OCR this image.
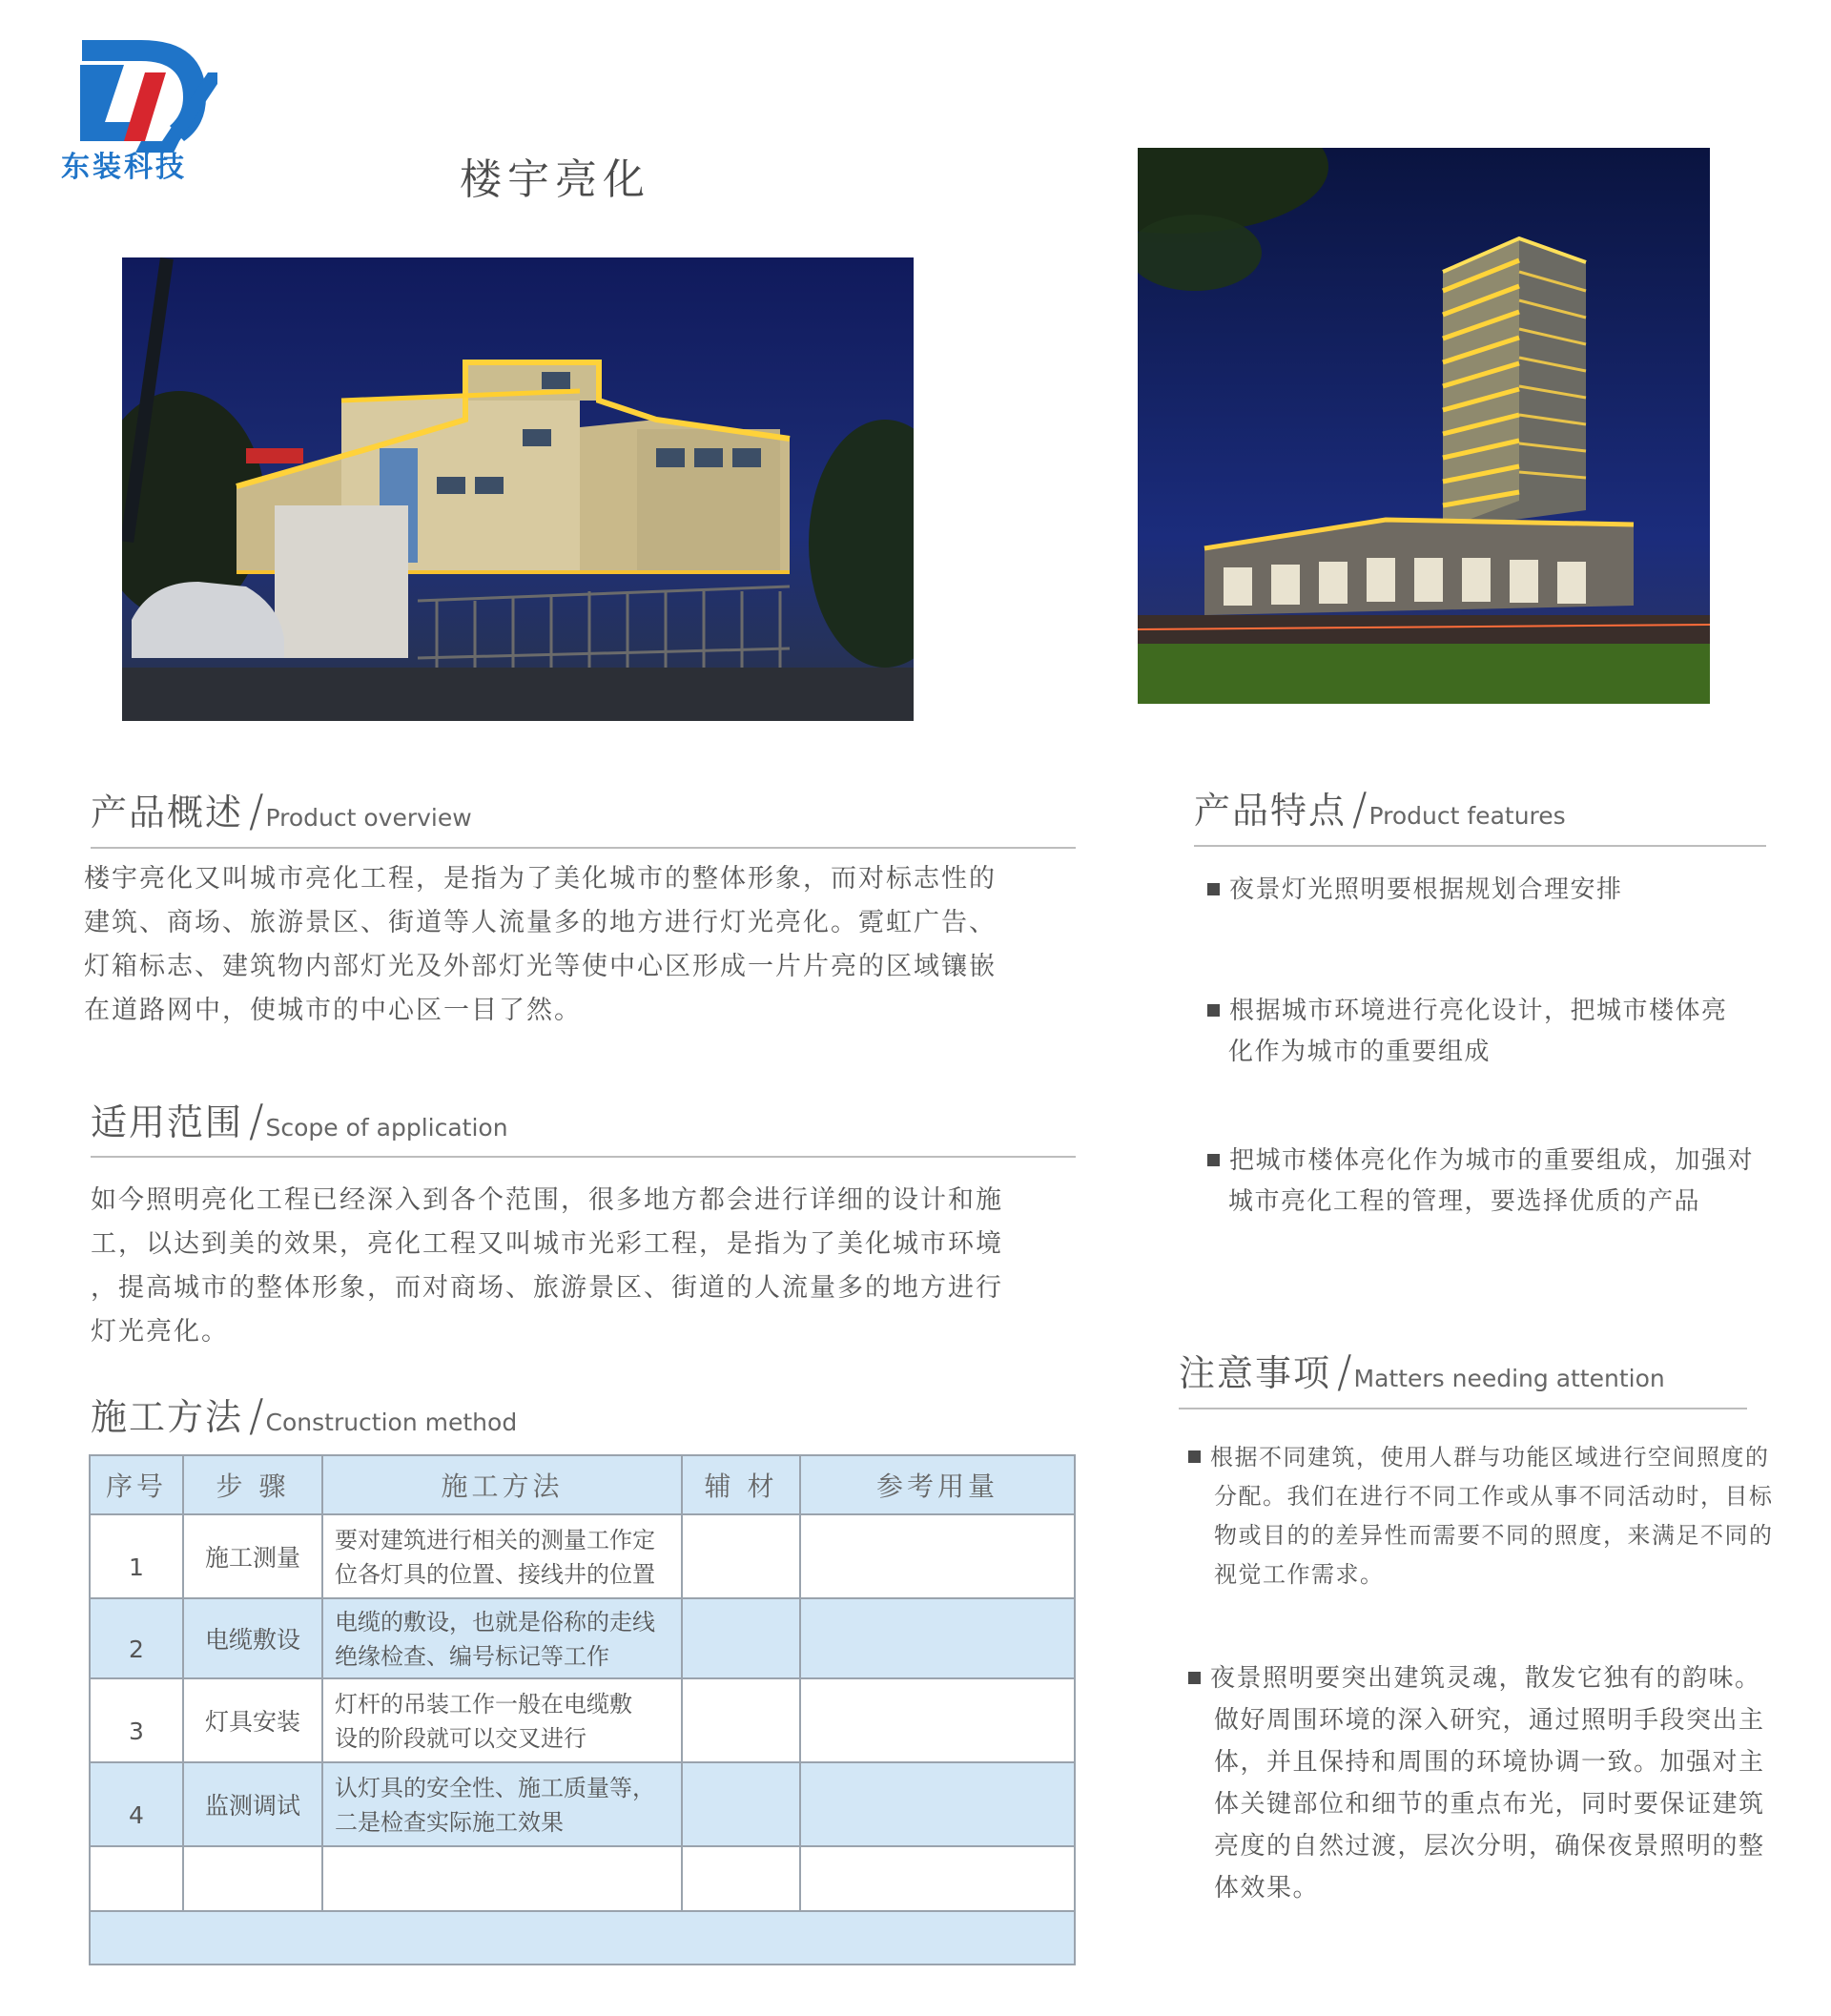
东装科技	楼宇亮化
产品概述 / Product overview
楼宇亮化又叫城市亮化工程，是指为了美化城市的整体形象，而对标志性的
建筑、商场、旅游景区、街道等人流量多的地方进行灯光亮化。霓虹广告、
灯箱标志、建筑物内部灯光及外部灯光等使中心区形成一片片亮的区域镶嵌
在道路网中，使城市的中心区一目了然。
适用范围 / Scope of application
如今照明亮化工程已经深入到各个范围，很多地方都会进行详细的设计和施
工，以达到美的效果，亮化工程又叫城市光彩工程，是指为了美化城市环境
，提高城市的整体形象，而对商场、旅游景区、街道的人流量多的地方进行
灯光亮化。
施工方法 / Construction method
序号	步 骤	施工方法	辅 材	参考用量
1	施工测量	要对建筑进行相关的测量工作定
位各灯具的位置、接线井的位置		

2	电缆敷设	电缆的敷设，也就是俗称的走线
绝缘检查、编号标记等工作		

3	灯具安装	灯杆的吊装工作一般在电缆敷
设的阶段就可以交叉进行		

4	监测调试	认灯具的安全性、施工质量等，
二是检查实际施工效果		

产品特点 / Product features
夜景灯光照明要根据规划合理安排
根据城市环境进行亮化设计，把城市楼体亮
化作为城市的重要组成
把城市楼体亮化作为城市的重要组成，加强对
城市亮化工程的管理，要选择优质的产品
注意事项 / Matters needing attention
根据不同建筑，使用人群与功能区域进行空间照度的
分配。我们在进行不同工作或从事不同活动时，目标
物或目的的差异性而需要不同的照度，来满足不同的
视觉工作需求。
夜景照明要突出建筑灵魂，散发它独有的韵味。
做好周围环境的深入研究，通过照明手段突出主
体，并且保持和周围的环境协调一致。加强对主
体关键部位和细节的重点布光，同时要保证建筑
亮度的自然过渡，层次分明，确保夜景照明的整
体效果。
